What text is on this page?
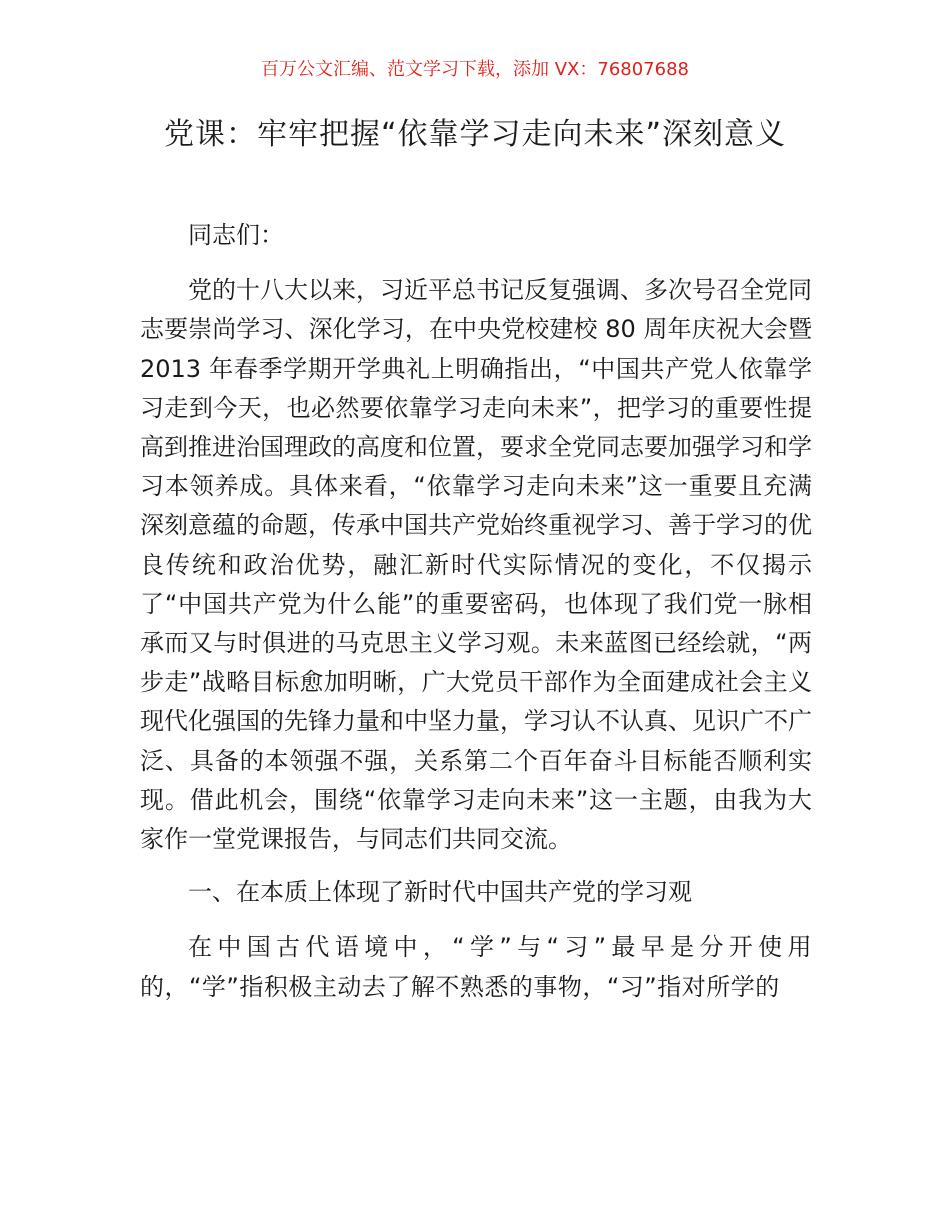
百万公文汇编、范文学习下载，添加 VX：76807688
党课：牢牢把握“依靠学习走向未来”深刻意义

同志们：

党的十八大以来，习近平总书记反复强调、多次号召全党同志要崇尚学习、深化学习，在中央党校建校 80 周年庆祝大会暨 2013 年春季学期开学典礼上明确指出，“中国共产党人依靠学习走到今天，也必然要依靠学习走向未来”，把学习的重要性提高到推进治国理政的高度和位置，要求全党同志要加强学习和学习本领养成。具体来看，“依靠学习走向未来”这一重要且充满深刻意蕴的命题，传承中国共产党始终重视学习、善于学习的优良传统和政治优势，融汇新时代实际情况的变化，不仅揭示了“中国共产党为什么能”的重要密码，也体现了我们党一脉相承而又与时俱进的马克思主义学习观。未来蓝图已经绘就，“两步走”战略目标愈加明晰，广大党员干部作为全面建成社会主义现代化强国的先锋力量和中坚力量，学习认不认真、见识广不广泛、具备的本领强不强，关系第二个百年奋斗目标能否顺利实现。借此机会，围绕“依靠学习走向未来”这一主题，由我为大家作一堂党课报告，与同志们共同交流。

一、在本质上体现了新时代中国共产党的学习观

在中国古代语境中，“学”与“习”最早是分开使用的，“学”指积极主动去了解不熟悉的事物，“习”指对所学的
